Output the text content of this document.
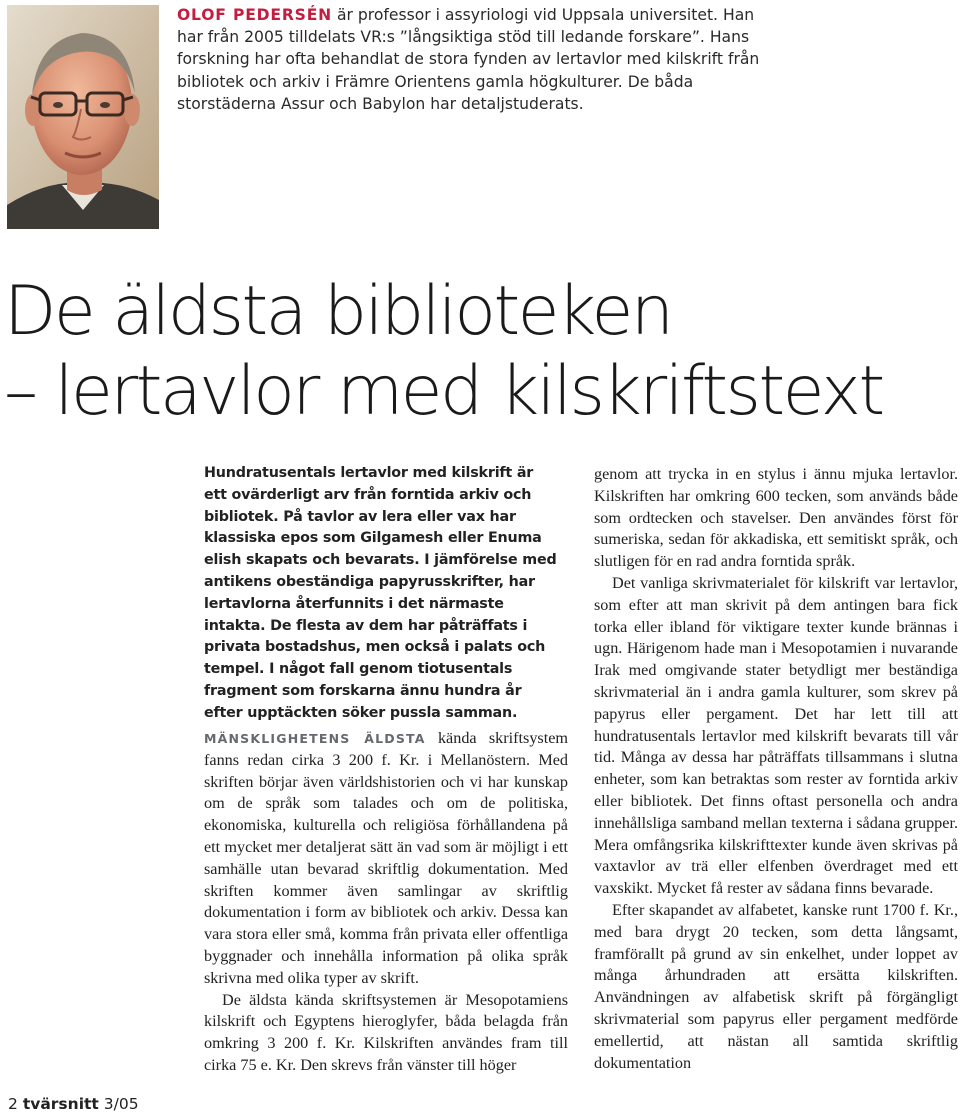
OLOF PEDERSÉN är professor i assyriologi vid Uppsala universitet. Han har från 2005 tilldelats VR:s ”långsiktiga stöd till ledande forskare”. Hans forskning har ofta behandlat de stora fynden av lertavlor med kilskrift från bibliotek och arkiv i Främre Orientens gamla högkulturer. De båda storstäderna Assur och Babylon har detaljstuderats.

De äldsta biblioteken
– lertavlor med kilskriftstext

Hundratusentals lertavlor med kilskrift är ett ovärderligt arv från forntida arkiv och bibliotek. På tavlor av lera eller vax har klassiska epos som Gilgamesh eller Enuma elish skapats och bevarats. I jämförelse med antikens obeständiga papyrusskrifter, har lertavlorna återfunnits i det närmaste intakta. De flesta av dem har påträffats i privata bostadshus, men också i palats och tempel. I något fall genom tiotusentals fragment som forskarna ännu hundra år efter upptäckten söker pussla samman.

MÄNSKLIGHETENS ÄLDSTA kända skriftsystem fanns redan cirka 3 200 f. Kr. i Mellanöstern. Med skriften börjar även världshistorien och vi har kunskap om de språk som talades och om de politiska, ekonomiska, kulturella och religiösa förhållandena på ett mycket mer detaljerat sätt än vad som är möjligt i ett samhälle utan bevarad skriftlig dokumentation. Med skriften kommer även samlingar av skriftlig dokumentation i form av bibliotek och arkiv. Dessa kan vara stora eller små, komma från privata eller offentliga byggnader och innehålla information på olika språk skrivna med olika typer av skrift.

De äldsta kända skriftsystemen är Mesopotamiens kilskrift och Egyptens hieroglyfer, båda belagda från omkring 3 200 f. Kr. Kilskriften användes fram till cirka 75 e. Kr. Den skrevs från vänster till höger

genom att trycka in en stylus i ännu mjuka lertavlor. Kilskriften har omkring 600 tecken, som används både som ordtecken och stavelser. Den användes först för sumeriska, sedan för akkadiska, ett semitiskt språk, och slutligen för en rad andra forntida språk.

Det vanliga skrivmaterialet för kilskrift var lertavlor, som efter att man skrivit på dem antingen bara fick torka eller ibland för viktigare texter kunde brännas i ugn. Härigenom hade man i Mesopotamien i nuvarande Irak med omgivande stater betydligt mer beständiga skrivmaterial än i andra gamla kulturer, som skrev på papyrus eller pergament. Det har lett till att hundratusentals lertavlor med kilskrift bevarats till vår tid. Många av dessa har påträffats tillsammans i slutna enheter, som kan betraktas som rester av forntida arkiv eller bibliotek. Det finns oftast personella och andra innehållsliga samband mellan texterna i sådana grupper. Mera omfångsrika kilskrifttexter kunde även skrivas på vaxtavlor av trä eller elfenben överdraget med ett vaxskikt. Mycket få rester av sådana finns bevarade.

Efter skapandet av alfabetet, kanske runt 1700 f. Kr., med bara drygt 20 tecken, som detta långsamt, framförallt på grund av sin enkelhet, under loppet av många århundraden att ersätta kilskriften. Användningen av alfabetisk skrift på förgängligt skrivmaterial som papyrus eller pergament medförde emellertid, att nästan all samtida skriftlig dokumentation

2 tvärsnitt 3/05
